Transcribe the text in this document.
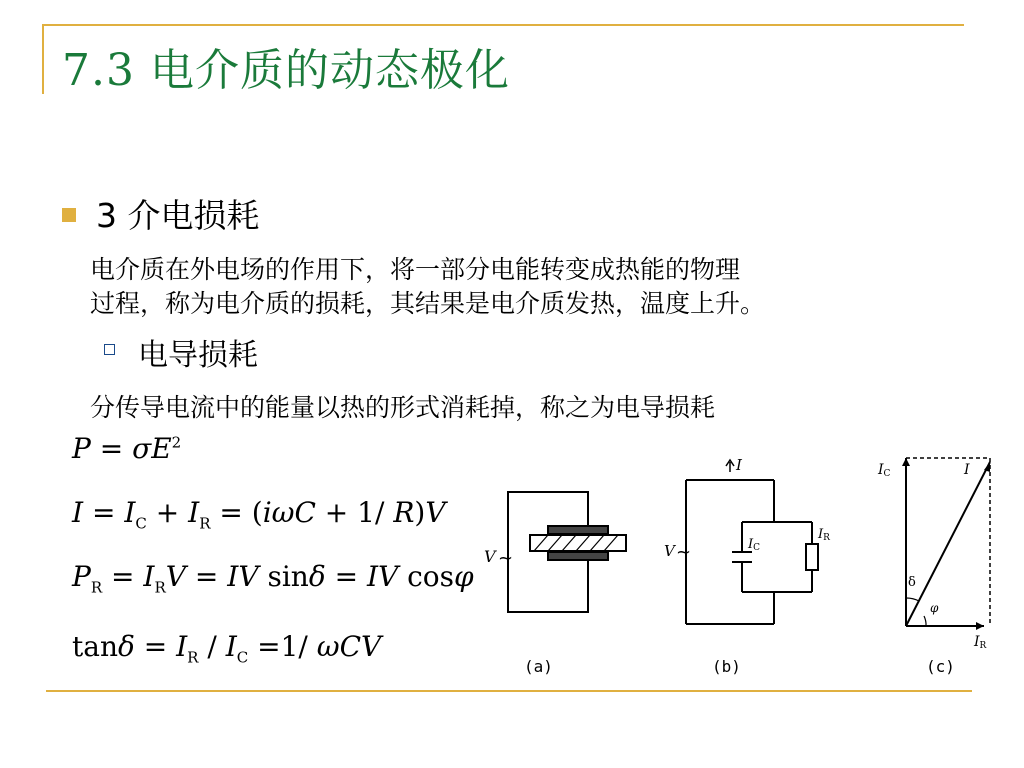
7.3 电介质的动态极化
3 介电损耗
电介质在外电场的作用下，将一部分电能转变成热能的物理
过程，称为电介质的损耗，其结果是电介质发热，温度上升。
电导损耗
分传导电流中的能量以热的形式消耗掉，称之为电导损耗
$P = \sigma E^2$
$I = I_C + I_R = (i\omega C + 1/$ R)V
$P_R = I_RV$ = IV sinδ = IV cosφ
$\tan\delta = I_R / I_C =1/$ ωCV
V ~
(a)
I
V ~	IC
IR
(b)
IC	I
IR
δ
φ
(c)
